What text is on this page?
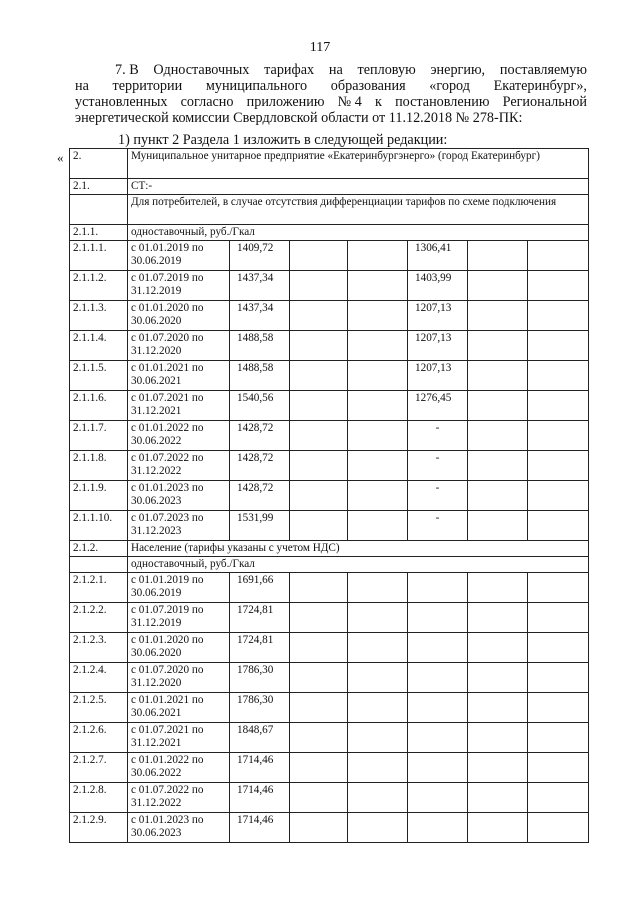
117
7. В Одноставочных тарифах на тепловую энергию, поставляемую
на территории муниципального образования «город Екатеринбург»,
установленных согласно приложению № 4 к постановлению Региональной
энергетической комиссии Свердловской области от 11.12.2018 № 278-ПК:
1) пункт 2 Раздела 1 изложить в следующей редакции:
« 2.	Муниципальное унитарное предприятие «Екатеринбургэнерго» (город Екатеринбург)						
2.1.	СТ:-						
	Для потребителей, в случае отсутствия дифференциации тарифов по схеме подключения						
2.1.1.	одноставочный, руб./Гкал						
2.1.1.1.	с 01.01.2019 по 30.06.2019	1409,72			1306,41		
2.1.1.2.	с 01.07.2019 по 31.12.2019	1437,34			1403,99		
2.1.1.3.	с 01.01.2020 по 30.06.2020	1437,34			1207,13		
2.1.1.4.	с 01.07.2020 по 31.12.2020	1488,58			1207,13		
2.1.1.5.	с 01.01.2021 по 30.06.2021	1488,58			1207,13		
2.1.1.6.	с 01.07.2021 по 31.12.2021	1540,56			1276,45		
2.1.1.7.	с 01.01.2022 по 30.06.2022	1428,72			-		
2.1.1.8.	с 01.07.2022 по 31.12.2022	1428,72			-		
2.1.1.9.	с 01.01.2023 по 30.06.2023	1428,72			-		
2.1.1.10.	с 01.07.2023 по 31.12.2023	1531,99			-		
2.1.2.	Население (тарифы указаны с учетом НДС)						
	одноставочный, руб./Гкал						
2.1.2.1.	с 01.01.2019 по 30.06.2019	1691,66					
2.1.2.2.	с 01.07.2019 по 31.12.2019	1724,81					
2.1.2.3.	с 01.01.2020 по 30.06.2020	1724,81					
2.1.2.4.	с 01.07.2020 по 31.12.2020	1786,30					
2.1.2.5.	с 01.01.2021 по 30.06.2021	1786,30					
2.1.2.6.	с 01.07.2021 по 31.12.2021	1848,67					
2.1.2.7.	с 01.01.2022 по 30.06.2022	1714,46					
2.1.2.8.	с 01.07.2022 по 31.12.2022	1714,46					
2.1.2.9.	с 01.01.2023 по 30.06.2023	1714,46					
